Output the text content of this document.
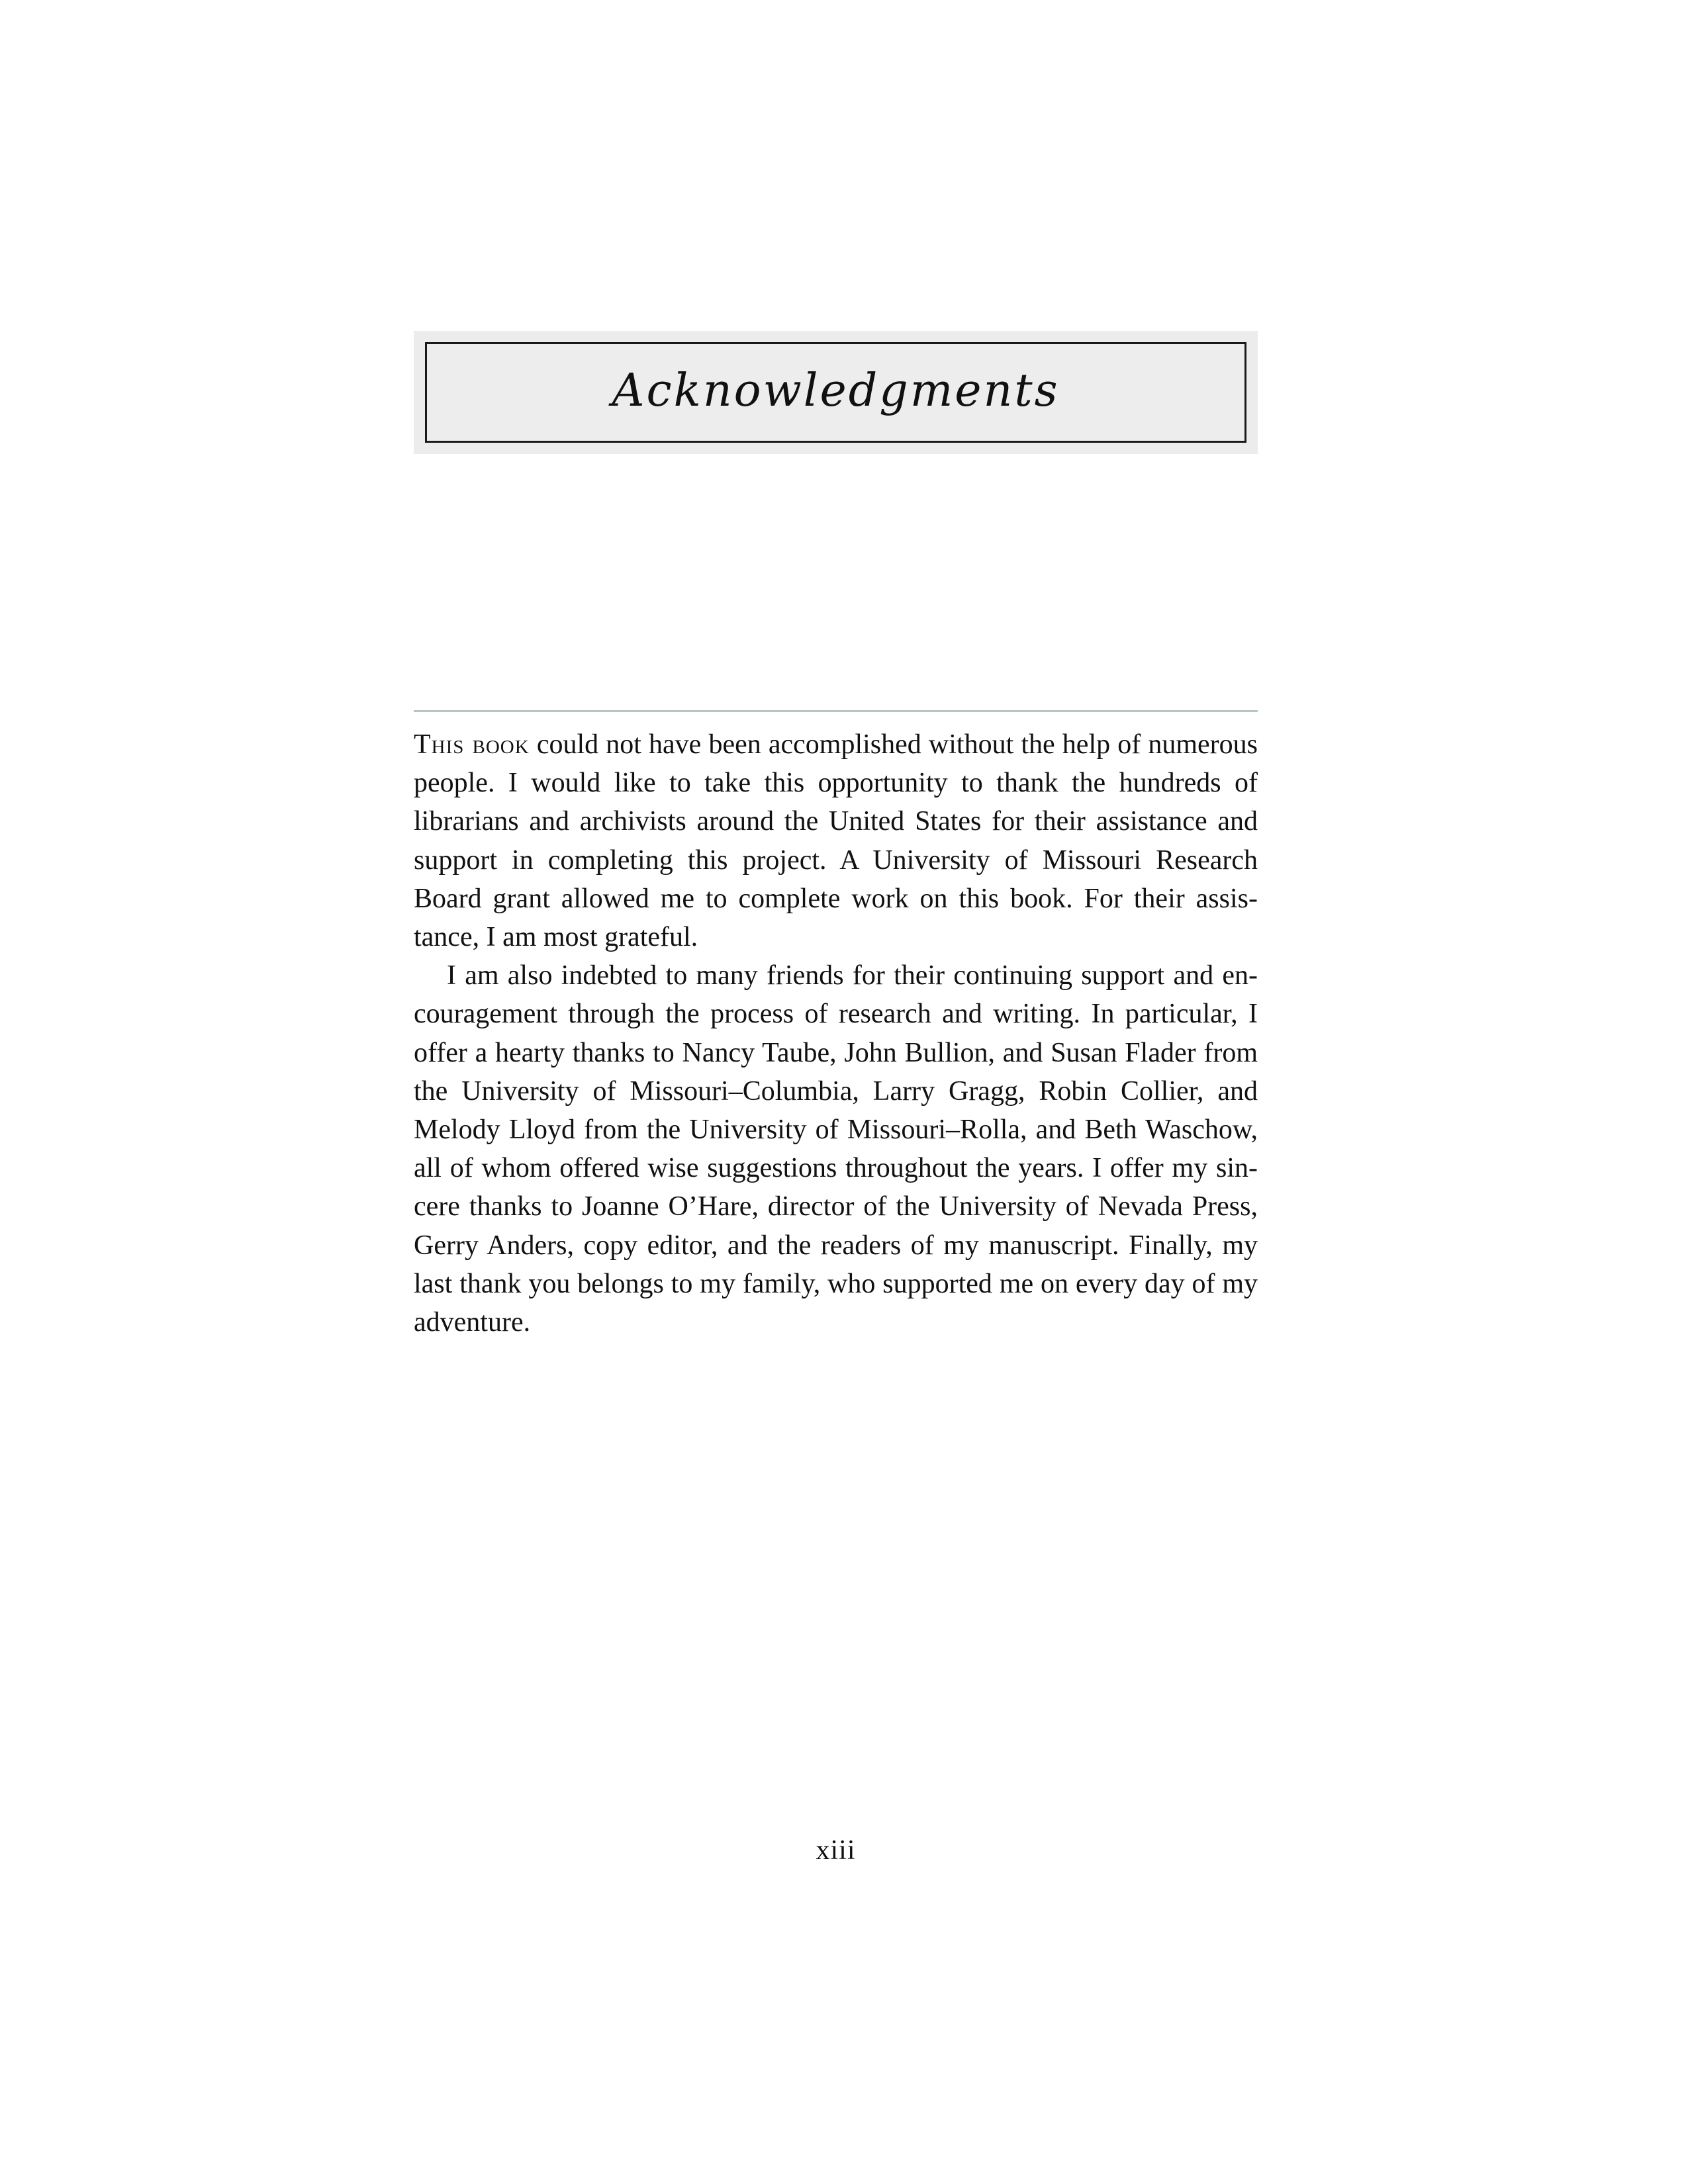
Acknowledgments

This book could not have been accomplished without the help of numerous people. I would like to take this opportunity to thank the hundreds of librarians and archivists around the United States for their assistance and support in completing this project. A University of Missouri Research Board grant allowed me to complete work on this book. For their assistance, I am most grateful.

I am also indebted to many friends for their continuing support and encouragement through the process of research and writing. In particular, I offer a hearty thanks to Nancy Taube, John Bullion, and Susan Flader from the University of Missouri–Columbia, Larry Gragg, Robin Collier, and Melody Lloyd from the University of Missouri–Rolla, and Beth Waschow, all of whom offered wise suggestions throughout the years. I offer my sincere thanks to Joanne O’Hare, director of the University of Nevada Press, Gerry Anders, copy editor, and the readers of my manuscript. Finally, my last thank you belongs to my family, who supported me on every day of my adventure.

xiii
